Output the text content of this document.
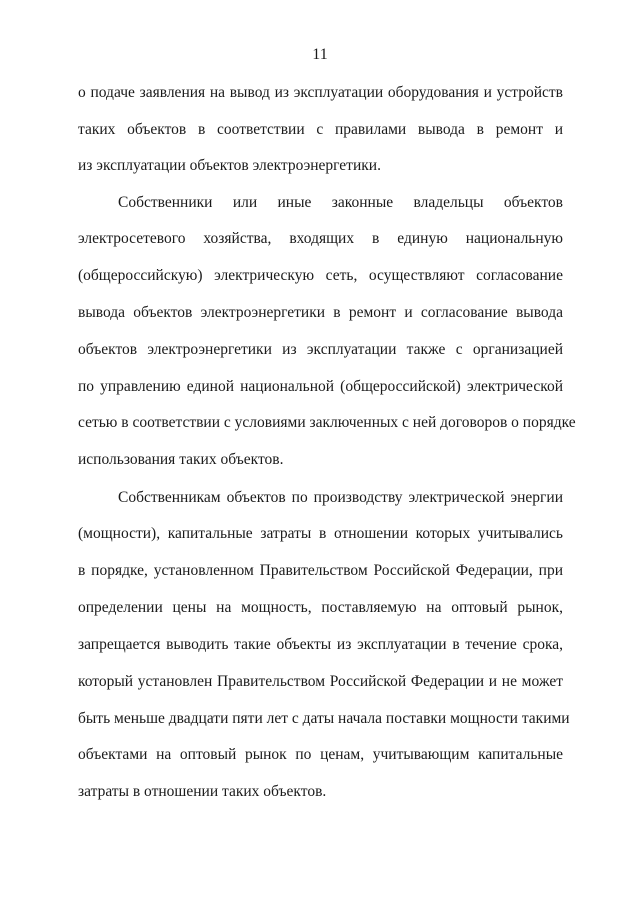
11
о подаче заявления на вывод из эксплуатации оборудования и устройств
таких объектов в соответствии с правилами вывода в ремонт и
из эксплуатации объектов электроэнергетики.
Собственники или иные законные владельцы объектов
электросетевого хозяйства, входящих в единую национальную
(общероссийскую) электрическую сеть, осуществляют согласование
вывода объектов электроэнергетики в ремонт и согласование вывода
объектов электроэнергетики из эксплуатации также с организацией
по управлению единой национальной (общероссийской) электрической
сетью в соответствии с условиями заключенных с ней договоров о порядке
использования таких объектов.
Собственникам объектов по производству электрической энергии
(мощности), капитальные затраты в отношении которых учитывались
в порядке, установленном Правительством Российской Федерации, при
определении цены на мощность, поставляемую на оптовый рынок,
запрещается выводить такие объекты из эксплуатации в течение срока,
который установлен Правительством Российской Федерации и не может
быть меньше двадцати пяти лет с даты начала поставки мощности такими
объектами на оптовый рынок по ценам, учитывающим капитальные
затраты в отношении таких объектов.
